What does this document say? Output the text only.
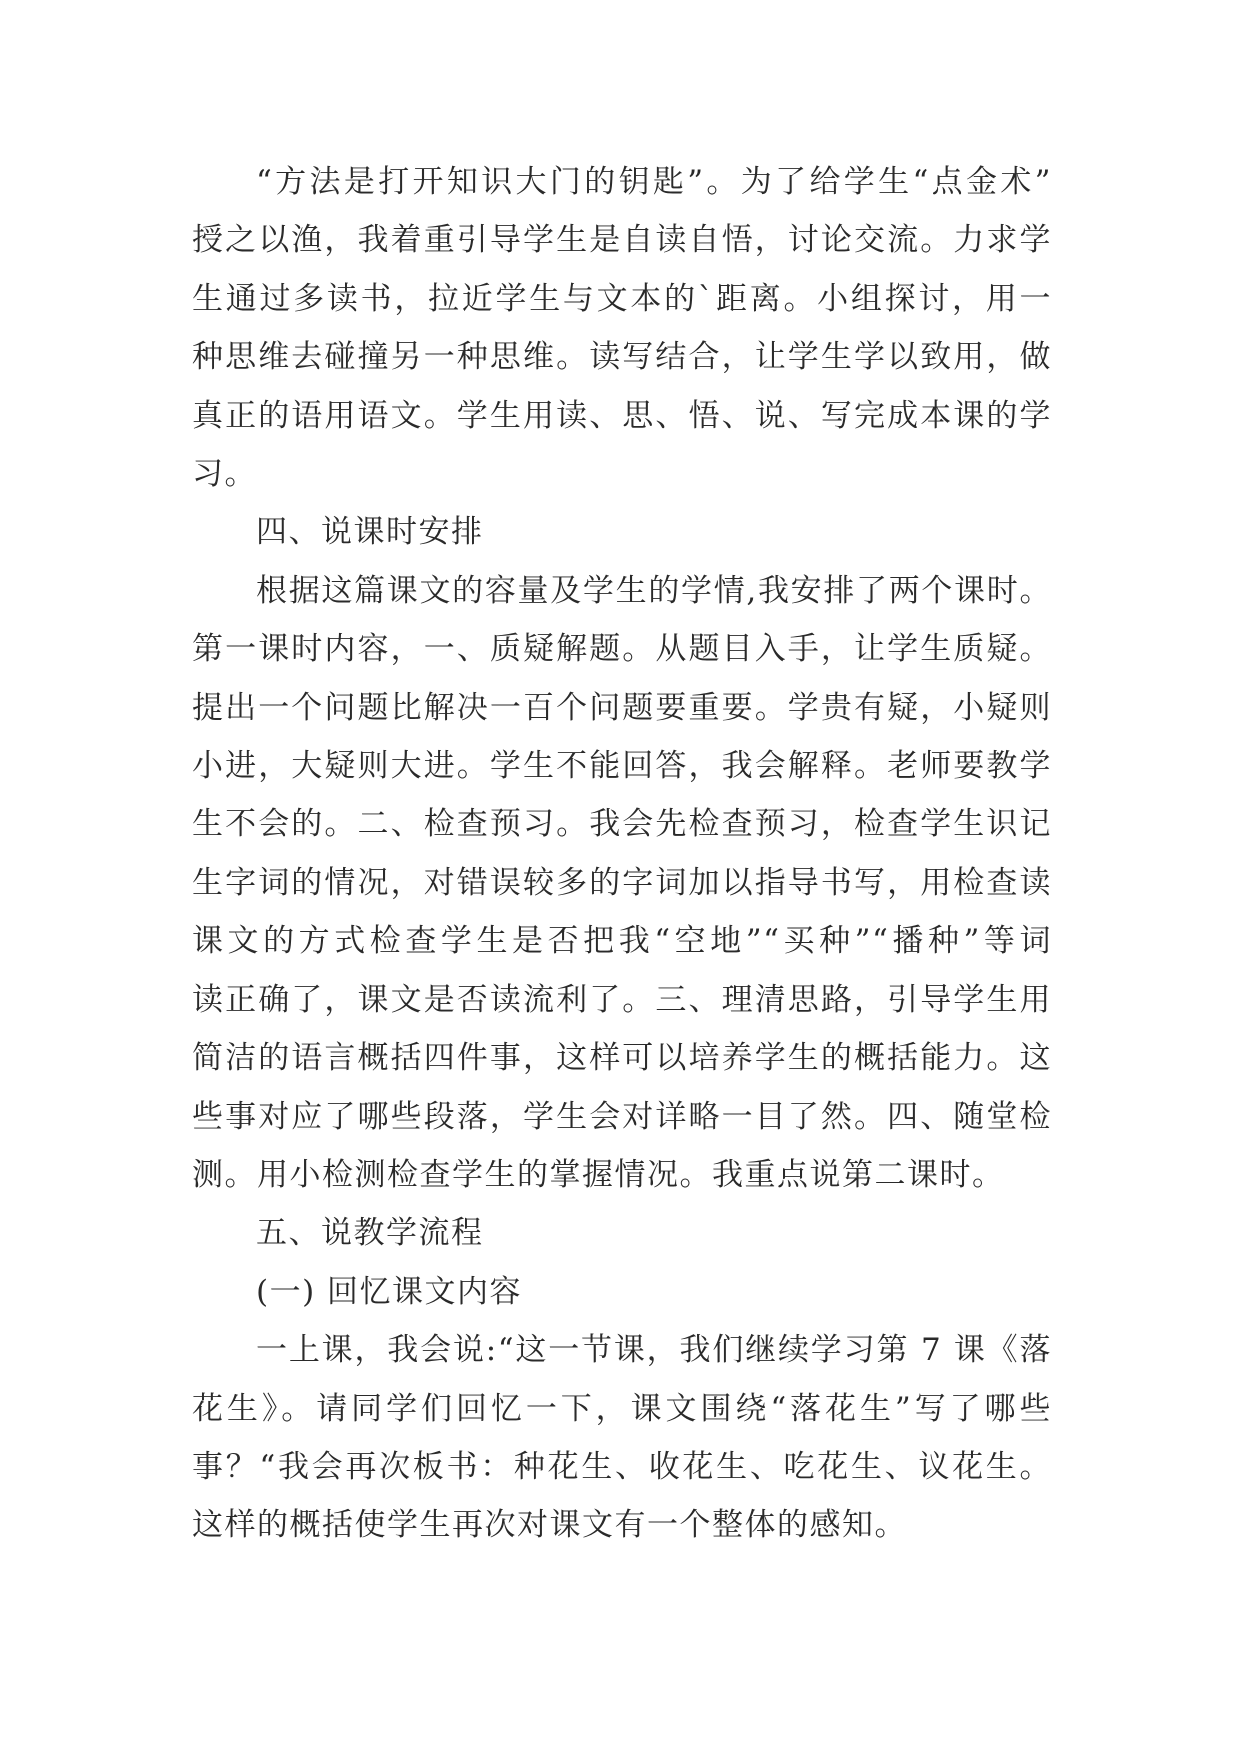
“方法是打开知识大门的钥匙”。为了给学生“点金术”
授之以渔，我着重引导学生是自读自悟，讨论交流。力求学
生通过多读书，拉近学生与文本的`距离。小组探讨，用一
种思维去碰撞另一种思维。读写结合，让学生学以致用，做
真正的语用语文。学生用读、思、悟、说、写完成本课的学
习。

四、说课时安排

根据这篇课文的容量及学生的学情,我安排了两个课时。
第一课时内容，一、质疑解题。从题目入手，让学生质疑。
提出一个问题比解决一百个问题要重要。学贵有疑，小疑则
小进，大疑则大进。学生不能回答，我会解释。老师要教学
生不会的。二、检查预习。我会先检查预习，检查学生识记
生字词的情况，对错误较多的字词加以指导书写，用检查读
课文的方式检查学生是否把我“空地”“买种”“播种”等词
读正确了，课文是否读流利了。三、理清思路，引导学生用
简洁的语言概括四件事，这样可以培养学生的概括能力。这
些事对应了哪些段落，学生会对详略一目了然。四、随堂检
测。用小检测检查学生的掌握情况。我重点说第二课时。

五、说教学流程

(一) 回忆课文内容

一上课，我会说:“这一节课，我们继续学习第 7 课《落
花生》。请同学们回忆一下，课文围绕“落花生”写了哪些
事？“我会再次板书：种花生、收花生、吃花生、议花生。
这样的概括使学生再次对课文有一个整体的感知。
